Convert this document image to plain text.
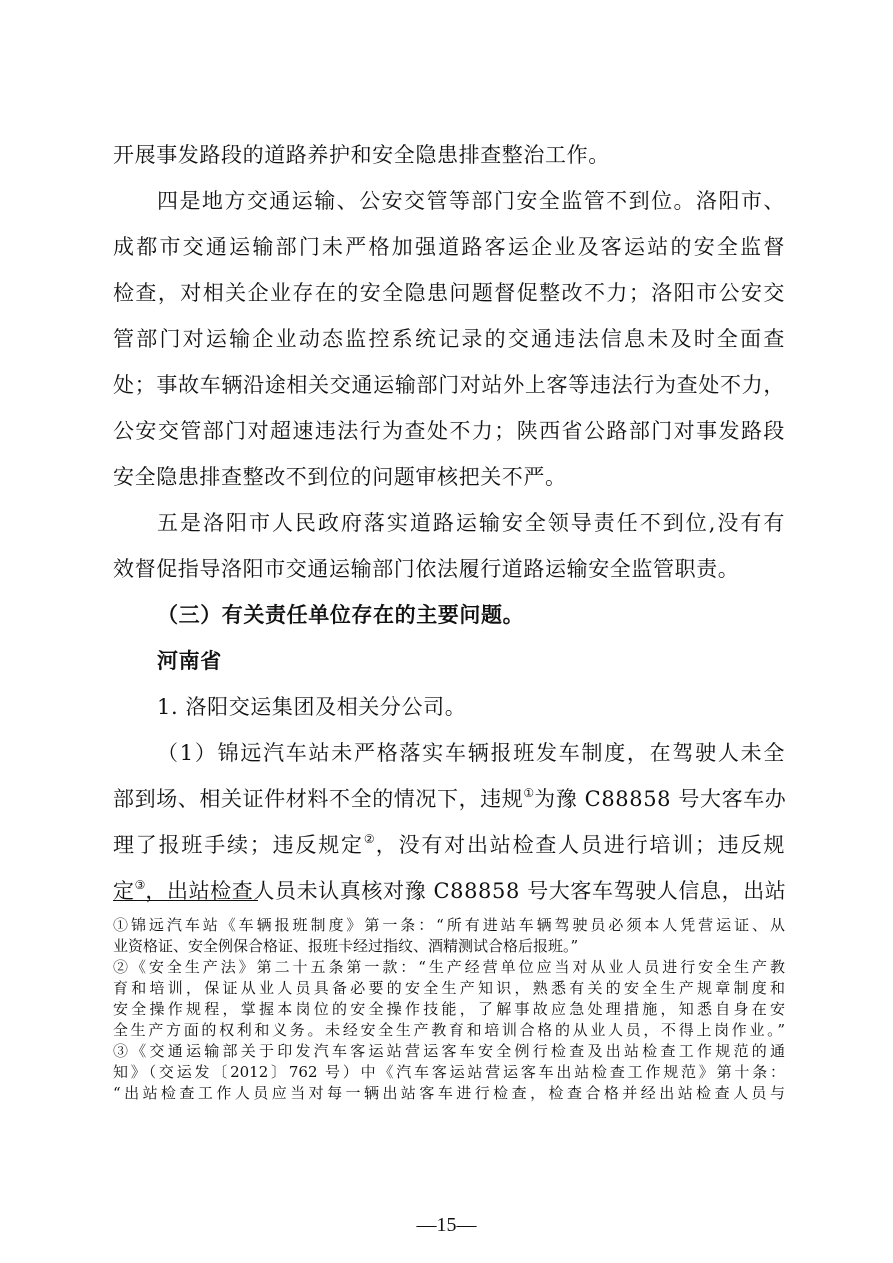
开展事发路段的道路养护和安全隐患排查整治工作。
四是地方交通运输、公安交管等部门安全监管不到位。洛阳市、
成都市交通运输部门未严格加强道路客运企业及客运站的安全监督
检查，对相关企业存在的安全隐患问题督促整改不力；洛阳市公安交
管部门对运输企业动态监控系统记录的交通违法信息未及时全面查
处；事故车辆沿途相关交通运输部门对站外上客等违法行为查处不力，
公安交管部门对超速违法行为查处不力；陕西省公路部门对事发路段
安全隐患排查整改不到位的问题审核把关不严。
五是洛阳市人民政府落实道路运输安全领导责任不到位,没有有
效督促指导洛阳市交通运输部门依法履行道路运输安全监管职责。
（三）有关责任单位存在的主要问题。
河南省
1. 洛阳交运集团及相关分公司。
（1）锦远汽车站未严格落实车辆报班发车制度，在驾驶人未全
部到场、相关证件材料不全的情况下，违规①为豫 C88858 号大客车办
理了报班手续；违反规定②，没有对出站检查人员进行培训；违反规
定③，出站检查人员未认真核对豫 C88858 号大客车驾驶人信息，出站
①锦远汽车站《车辆报班制度》第一条：“所有进站车辆驾驶员必须本人凭营运证、从
业资格证、安全例保合格证、报班卡经过指纹、酒精测试合格后报班。”
②《安全生产法》第二十五条第一款：“生产经营单位应当对从业人员进行安全生产教
育和培训，保证从业人员具备必要的安全生产知识，熟悉有关的安全生产规章制度和
安全操作规程，掌握本岗位的安全操作技能，了解事故应急处理措施，知悉自身在安
全生产方面的权利和义务。未经安全生产教育和培训合格的从业人员，不得上岗作业。”
③《交通运输部关于印发汽车客运站营运客车安全例行检查及出站检查工作规范的通
知》（交运发〔2012〕762 号）中《汽车客运站营运客车出站检查工作规范》第十条：
“出站检查工作人员应当对每一辆出站客车进行检查，检查合格并经出站检查人员与
—15—
